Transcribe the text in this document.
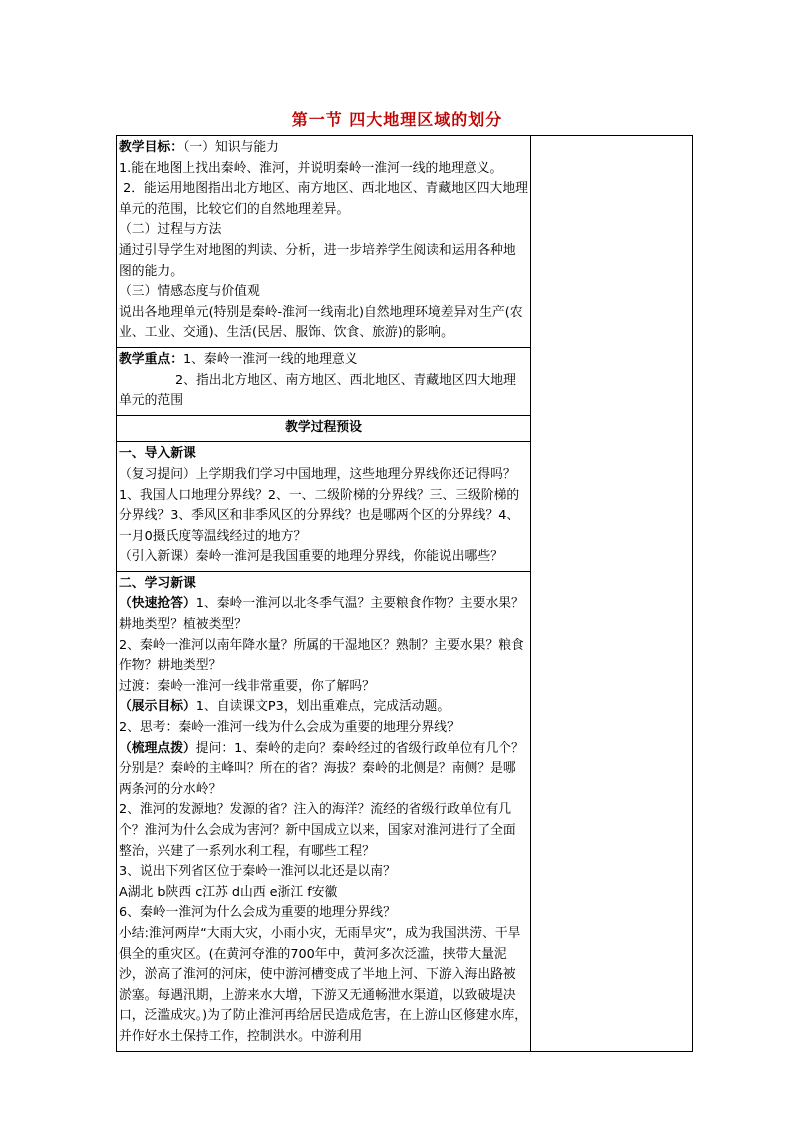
第一节 四大地理区域的划分
教学目标：（一）知识与能力
1.能在地图上找出秦岭、淮河，并说明秦岭一淮河一线的地理意义。
2．能运用地图指出北方地区、南方地区、西北地区、青藏地区四大地理单元的范围，比较它们的自然地理差异。
（二）过程与方法
通过引导学生对地图的判读、分析，进一步培养学生阅读和运用各种地图的能力。
（三）情感态度与价值观
说出各地理单元(特别是秦岭-淮河一线南北)自然地理环境差异对生产(农业、工业、交通)、生活(民居、服饰、饮食、旅游)的影响。

教学重点：1、秦岭一淮河一线的地理意义
2、指出北方地区、南方地区、西北地区、青藏地区四大地理单元的范围

教学过程预设

一、导入新课
（复习提问）上学期我们学习中国地理，这些地理分界线你还记得吗？1、我国人口地理分界线？2、一、二级阶梯的分界线？三、三级阶梯的分界线？3、季风区和非季风区的分界线？也是哪两个区的分界线？4、一月0摄氏度等温线经过的地方？
（引入新课）秦岭一淮河是我国重要的地理分界线，你能说出哪些？

二、学习新课
（快速抢答）1、秦岭一淮河以北冬季气温？主要粮食作物？主要水果？耕地类型？植被类型？
2、秦岭一淮河以南年降水量？所属的干湿地区？熟制？主要水果？粮食作物？耕地类型？
过渡：秦岭一淮河一线非常重要，你了解吗？
（展示目标）1、自读课文P3，划出重难点，完成活动题。
2、思考：秦岭一淮河一线为什么会成为重要的地理分界线？
（梳理点拨）提问：1、秦岭的走向？秦岭经过的省级行政单位有几个？分别是？秦岭的主峰叫？所在的省？海拔？秦岭的北侧是？南侧？是哪两条河的分水岭？
2、淮河的发源地？发源的省？注入的海洋？流经的省级行政单位有几个？淮河为什么会成为害河？新中国成立以来，国家对淮河进行了全面整治，兴建了一系列水利工程，有哪些工程？
3、说出下列省区位于秦岭一淮河以北还是以南？
A湖北 b陕西 c江苏 d山西 e浙江 f安徽
6、秦岭一淮河为什么会成为重要的地理分界线？
小结:淮河两岸“大雨大灾，小雨小灾，无雨旱灾”，成为我国洪涝、干旱俱全的重灾区。(在黄河夺淮的700年中，黄河多次泛滥，挟带大量泥沙，淤高了淮河的河床，使中游河槽变成了半地上河、下游入海出路被淤塞。每遇汛期，上游来水大增，下游又无通畅泄水渠道，以致破堤决口，泛滥成灾。)为了防止淮河再给居民造成危害，在上游山区修建水库，并作好水土保持工作，控制洪水。中游利用
